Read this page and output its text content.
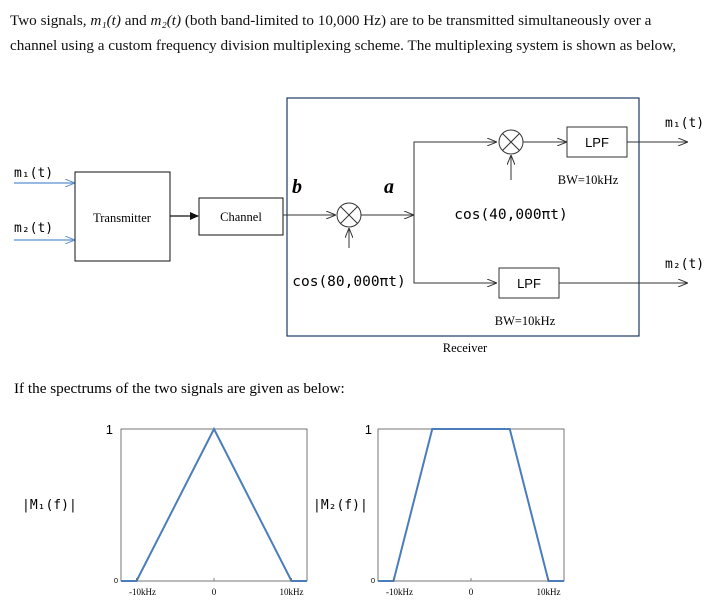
Two signals, m₁(t) and m₂(t) (both band-limited to 10,000 Hz) are to be transmitted simultaneously over a
channel using a custom frequency division multiplexing scheme. The multiplexing system is shown as below,
m₁(t)
m₂(t)
Transmitter	Channel
Receiver
b	a
cos(80,000πt)
cos(40,000πt)
LPF
BW=10kHz
m₁(t)
LPF
BW=10kHz
m₂(t)
If the spectrums of the two signals are given as below:
1
0
|M₁(f)|
-10kHz	0	10kHz
1
0
|M₂(f)|
-10kHz	0	10kHz
